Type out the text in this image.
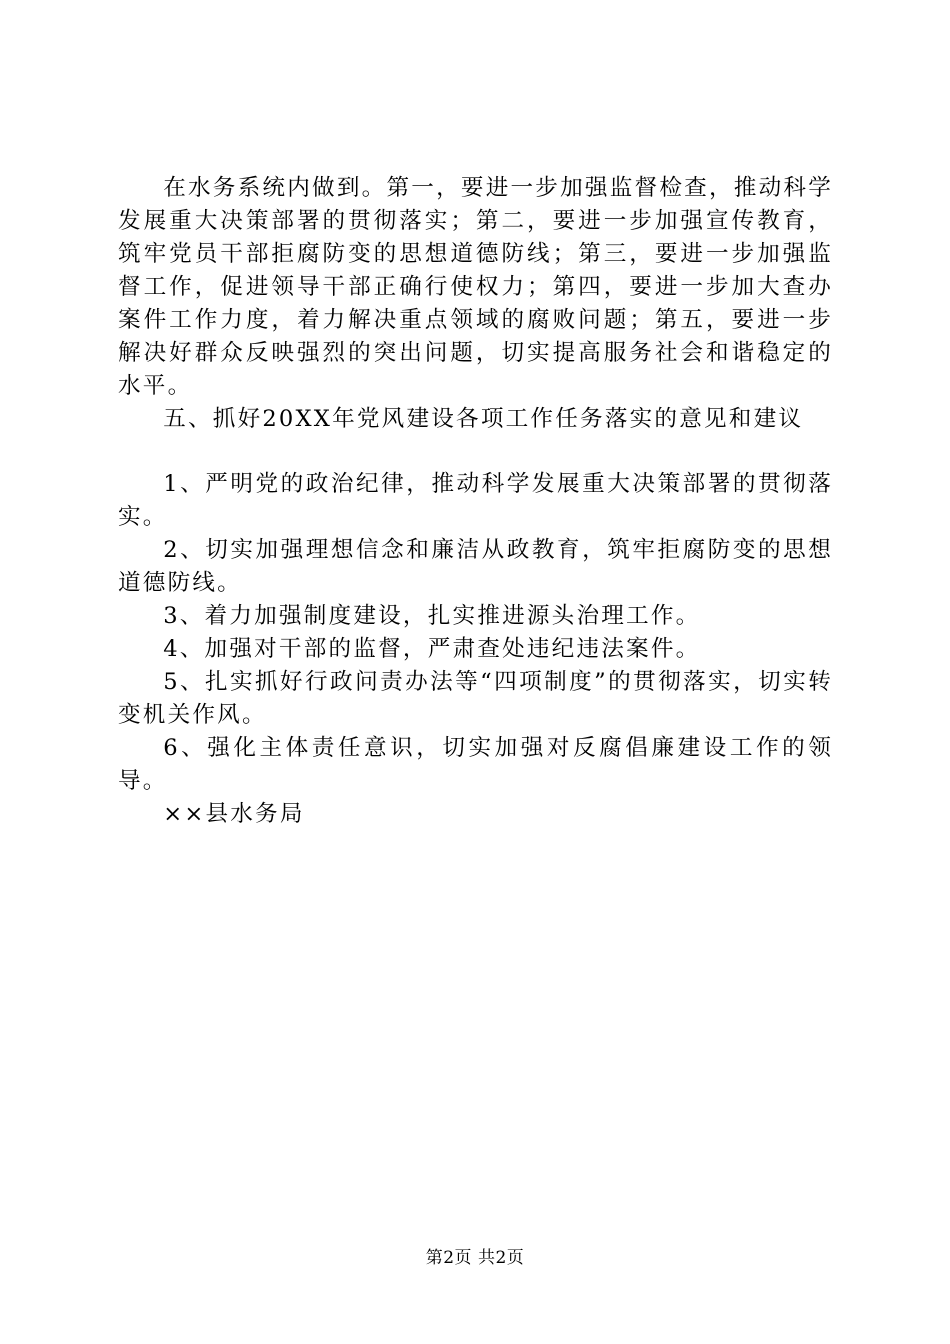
在水务系统内做到。第一，要进一步加强监督检查，推动科学发展重大决策部署的贯彻落实；第二，要进一步加强宣传教育，筑牢党员干部拒腐防变的思想道德防线；第三，要进一步加强监督工作，促进领导干部正确行使权力；第四，要进一步加大查办案件工作力度，着力解决重点领域的腐败问题；第五，要进一步解决好群众反映强烈的突出问题，切实提高服务社会和谐稳定的水平。

五、抓好20XX年党风建设各项工作任务落实的意见和建议

1、严明党的政治纪律，推动科学发展重大决策部署的贯彻落实。

2、切实加强理想信念和廉洁从政教育，筑牢拒腐防变的思想道德防线。

3、着力加强制度建设，扎实推进源头治理工作。

4、加强对干部的监督，严肃查处违纪违法案件。

5、扎实抓好行政问责办法等“四项制度”的贯彻落实，切实转变机关作风。

6、强化主体责任意识，切实加强对反腐倡廉建设工作的领导。

××县水务局

第2页 共2页
